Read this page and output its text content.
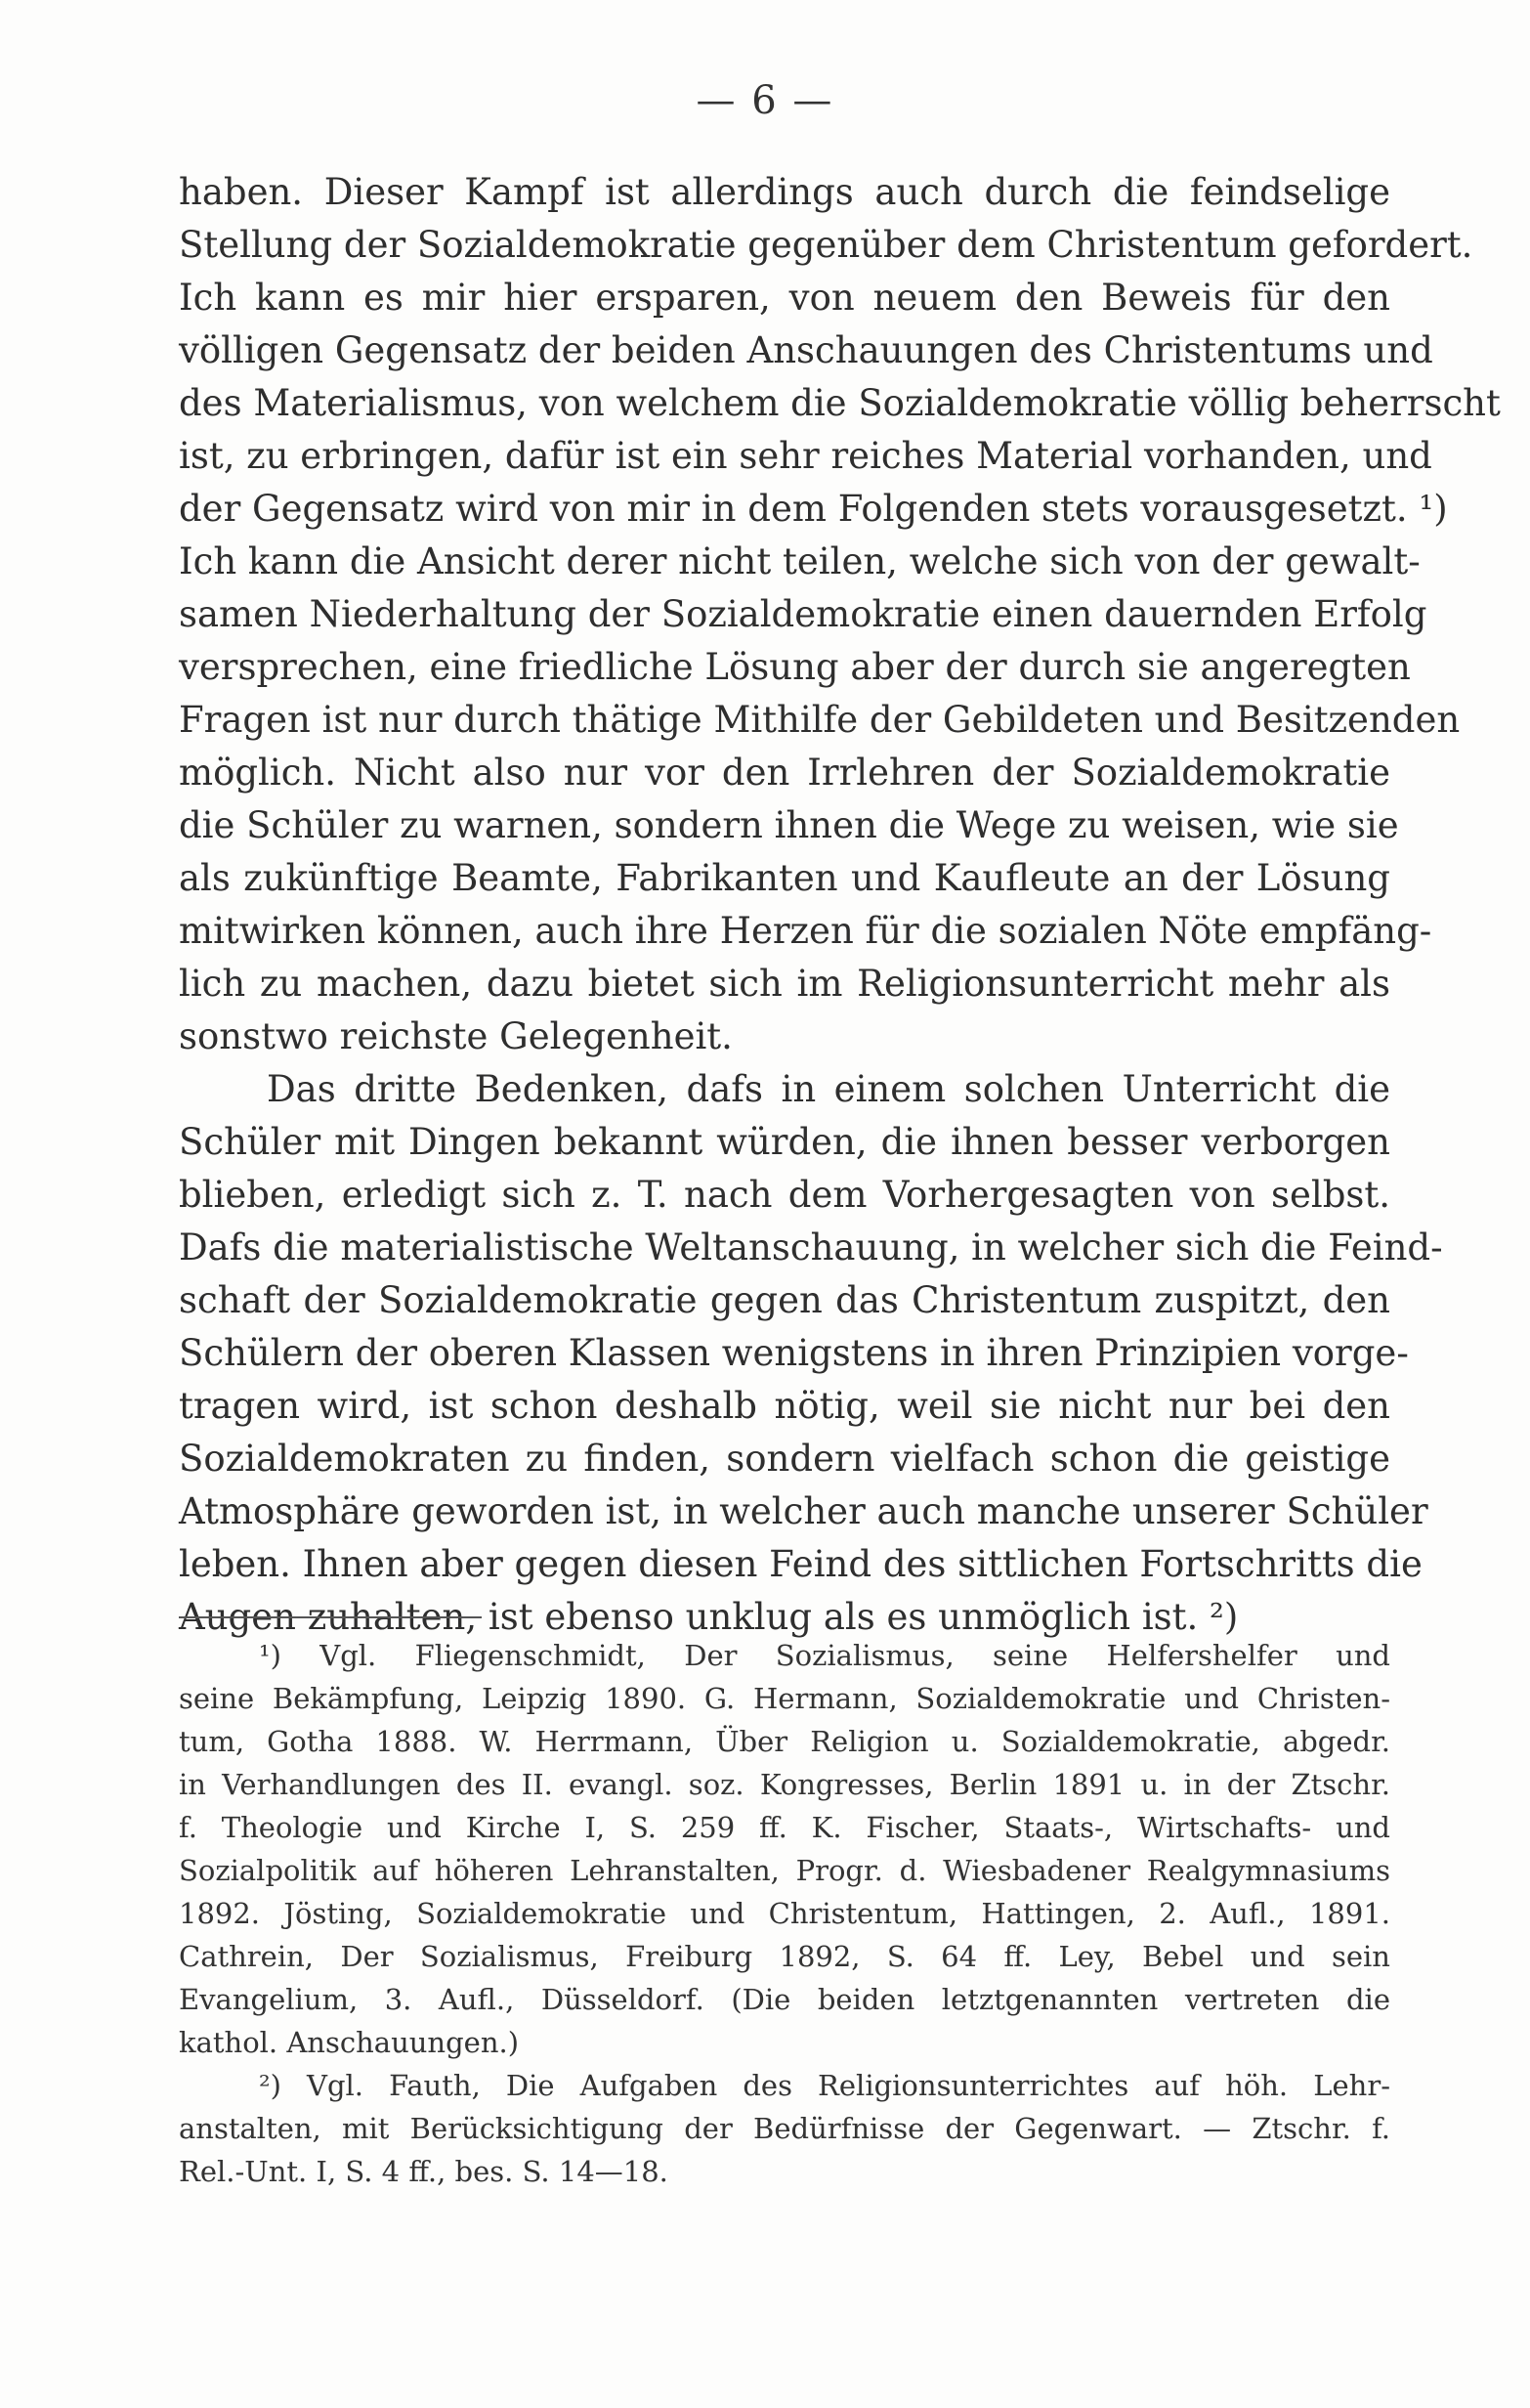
— 6 —
haben. Dieser Kampf ist allerdings auch durch die feindselige
Stellung der Sozialdemokratie gegenüber dem Christentum gefordert.
Ich kann es mir hier ersparen, von neuem den Beweis für den
völligen Gegensatz der beiden Anschauungen des Christentums und
des Materialismus, von welchem die Sozialdemokratie völlig beherrscht
ist, zu erbringen, dafür ist ein sehr reiches Material vorhanden, und
der Gegensatz wird von mir in dem Folgenden stets vorausgesetzt. ¹)
Ich kann die Ansicht derer nicht teilen, welche sich von der gewalt-
samen Niederhaltung der Sozialdemokratie einen dauernden Erfolg
versprechen, eine friedliche Lösung aber der durch sie angeregten
Fragen ist nur durch thätige Mithilfe der Gebildeten und Besitzenden
möglich. Nicht also nur vor den Irrlehren der Sozialdemokratie
die Schüler zu warnen, sondern ihnen die Wege zu weisen, wie sie
als zukünftige Beamte, Fabrikanten und Kaufleute an der Lösung
mitwirken können, auch ihre Herzen für die sozialen Nöte empfäng-
lich zu machen, dazu bietet sich im Religionsunterricht mehr als
sonstwo reichste Gelegenheit.
Das dritte Bedenken, dafs in einem solchen Unterricht die
Schüler mit Dingen bekannt würden, die ihnen besser verborgen
blieben, erledigt sich z. T. nach dem Vorhergesagten von selbst.
Dafs die materialistische Weltanschauung, in welcher sich die Feind-
schaft der Sozialdemokratie gegen das Christentum zuspitzt, den
Schülern der oberen Klassen wenigstens in ihren Prinzipien vorge-
tragen wird, ist schon deshalb nötig, weil sie nicht nur bei den
Sozialdemokraten zu finden, sondern vielfach schon die geistige
Atmosphäre geworden ist, in welcher auch manche unserer Schüler
leben. Ihnen aber gegen diesen Feind des sittlichen Fortschritts die
Augen zuhalten, ist ebenso unklug als es unmöglich ist. ²)
¹) Vgl. Fliegenschmidt, Der Sozialismus, seine Helfershelfer und
seine Bekämpfung, Leipzig 1890. G. Hermann, Sozialdemokratie und Christen-
tum, Gotha 1888. W. Herrmann, Über Religion u. Sozialdemokratie, abgedr.
in Verhandlungen des II. evangl. soz. Kongresses, Berlin 1891 u. in der Ztschr.
f. Theologie und Kirche I, S. 259 ff. K. Fischer, Staats-, Wirtschafts- und
Sozialpolitik auf höheren Lehranstalten, Progr. d. Wiesbadener Realgymnasiums
1892. Jösting, Sozialdemokratie und Christentum, Hattingen, 2. Aufl., 1891.
Cathrein, Der Sozialismus, Freiburg 1892, S. 64 ff. Ley, Bebel und sein
Evangelium, 3. Aufl., Düsseldorf. (Die beiden letztgenannten vertreten die
kathol. Anschauungen.)
²) Vgl. Fauth, Die Aufgaben des Religionsunterrichtes auf höh. Lehr-
anstalten, mit Berücksichtigung der Bedürfnisse der Gegenwart. — Ztschr. f.
Rel.-Unt. I, S. 4 ff., bes. S. 14—18.
